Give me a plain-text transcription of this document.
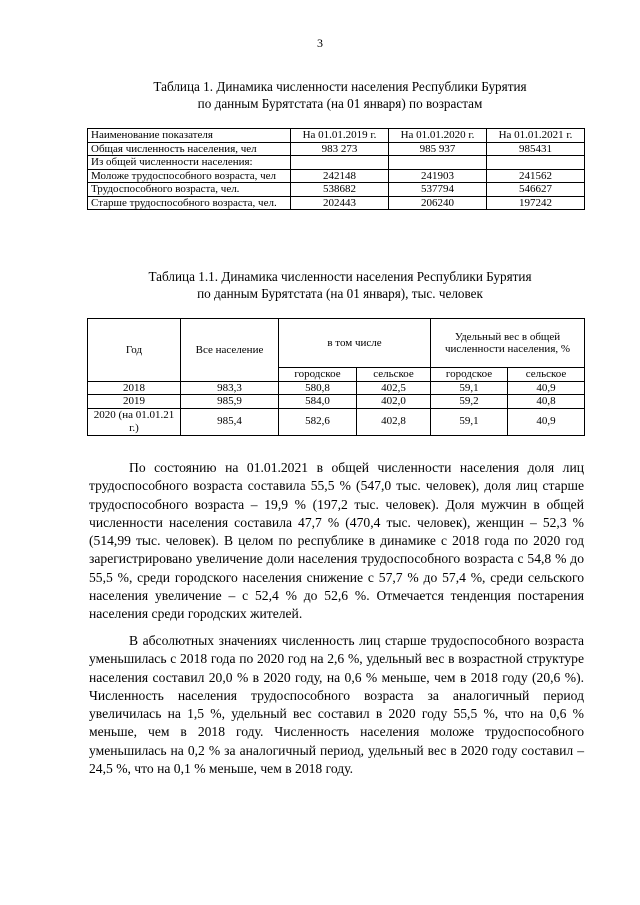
3
Таблица 1. Динамика численности населения Республики Бурятия
по данным Бурятстата (на 01 января) по возрастам
Наименование показателя	На 01.01.2019 г.	На 01.01.2020 г.	На 01.01.2021 г.
Общая численность населения, чел	983 273	985 937	985431
Из общей численности населения:			
Моложе трудоспособного возраста, чел	242148	241903	241562
Трудоспособного возраста, чел.	538682	537794	546627
Старше трудоспособного возраста, чел.	202443	206240	197242
Таблица 1.1. Динамика численности населения Республики Бурятия
по данным Бурятстата (на 01 января), тыс. человек
Год	Все население	в том числе		Удельный вес в общей численности населения, %	
		городское	сельское	городское	сельское
2018	983,3	580,8	402,5	59,1	40,9
2019	985,9	584,0	402,0	59,2	40,8
2020 (на 01.01.21 г.)	985,4	582,6	402,8	59,1	40,9
По состоянию на 01.01.2021 в общей численности населения доля лиц трудоспособного возраста составила 55,5 % (547,0 тыс. человек), доля лиц старше трудоспособного возраста – 19,9 % (197,2 тыс. человек). Доля мужчин в общей численности населения составила 47,7 % (470,4 тыс. человек), женщин – 52,3 % (514,99 тыс. человек). В целом по республике в динамике с 2018 года по 2020 год зарегистрировано увеличение доли населения трудоспособного возраста с 54,8 % до 55,5 %, среди городского населения снижение с 57,7 % до 57,4 %, среди сельского населения увеличение – с 52,4 % до 52,6 %. Отмечается тенденция постарения населения среди городских жителей.
В абсолютных значениях численность лиц старше трудоспособного возраста уменьшилась с 2018 года по 2020 год на 2,6 %, удельный вес в возрастной структуре населения составил 20,0 % в 2020 году, на 0,6 % меньше, чем в 2018 году (20,6 %). Численность населения трудоспособного возраста за аналогичный период увеличилась на 1,5 %, удельный вес составил в 2020 году 55,5 %, что на 0,6 % меньше, чем в 2018 году. Численность населения моложе трудоспособного уменьшилась на 0,2 % за аналогичный период, удельный вес в 2020 году составил – 24,5 %, что на 0,1 % меньше, чем в 2018 году.
